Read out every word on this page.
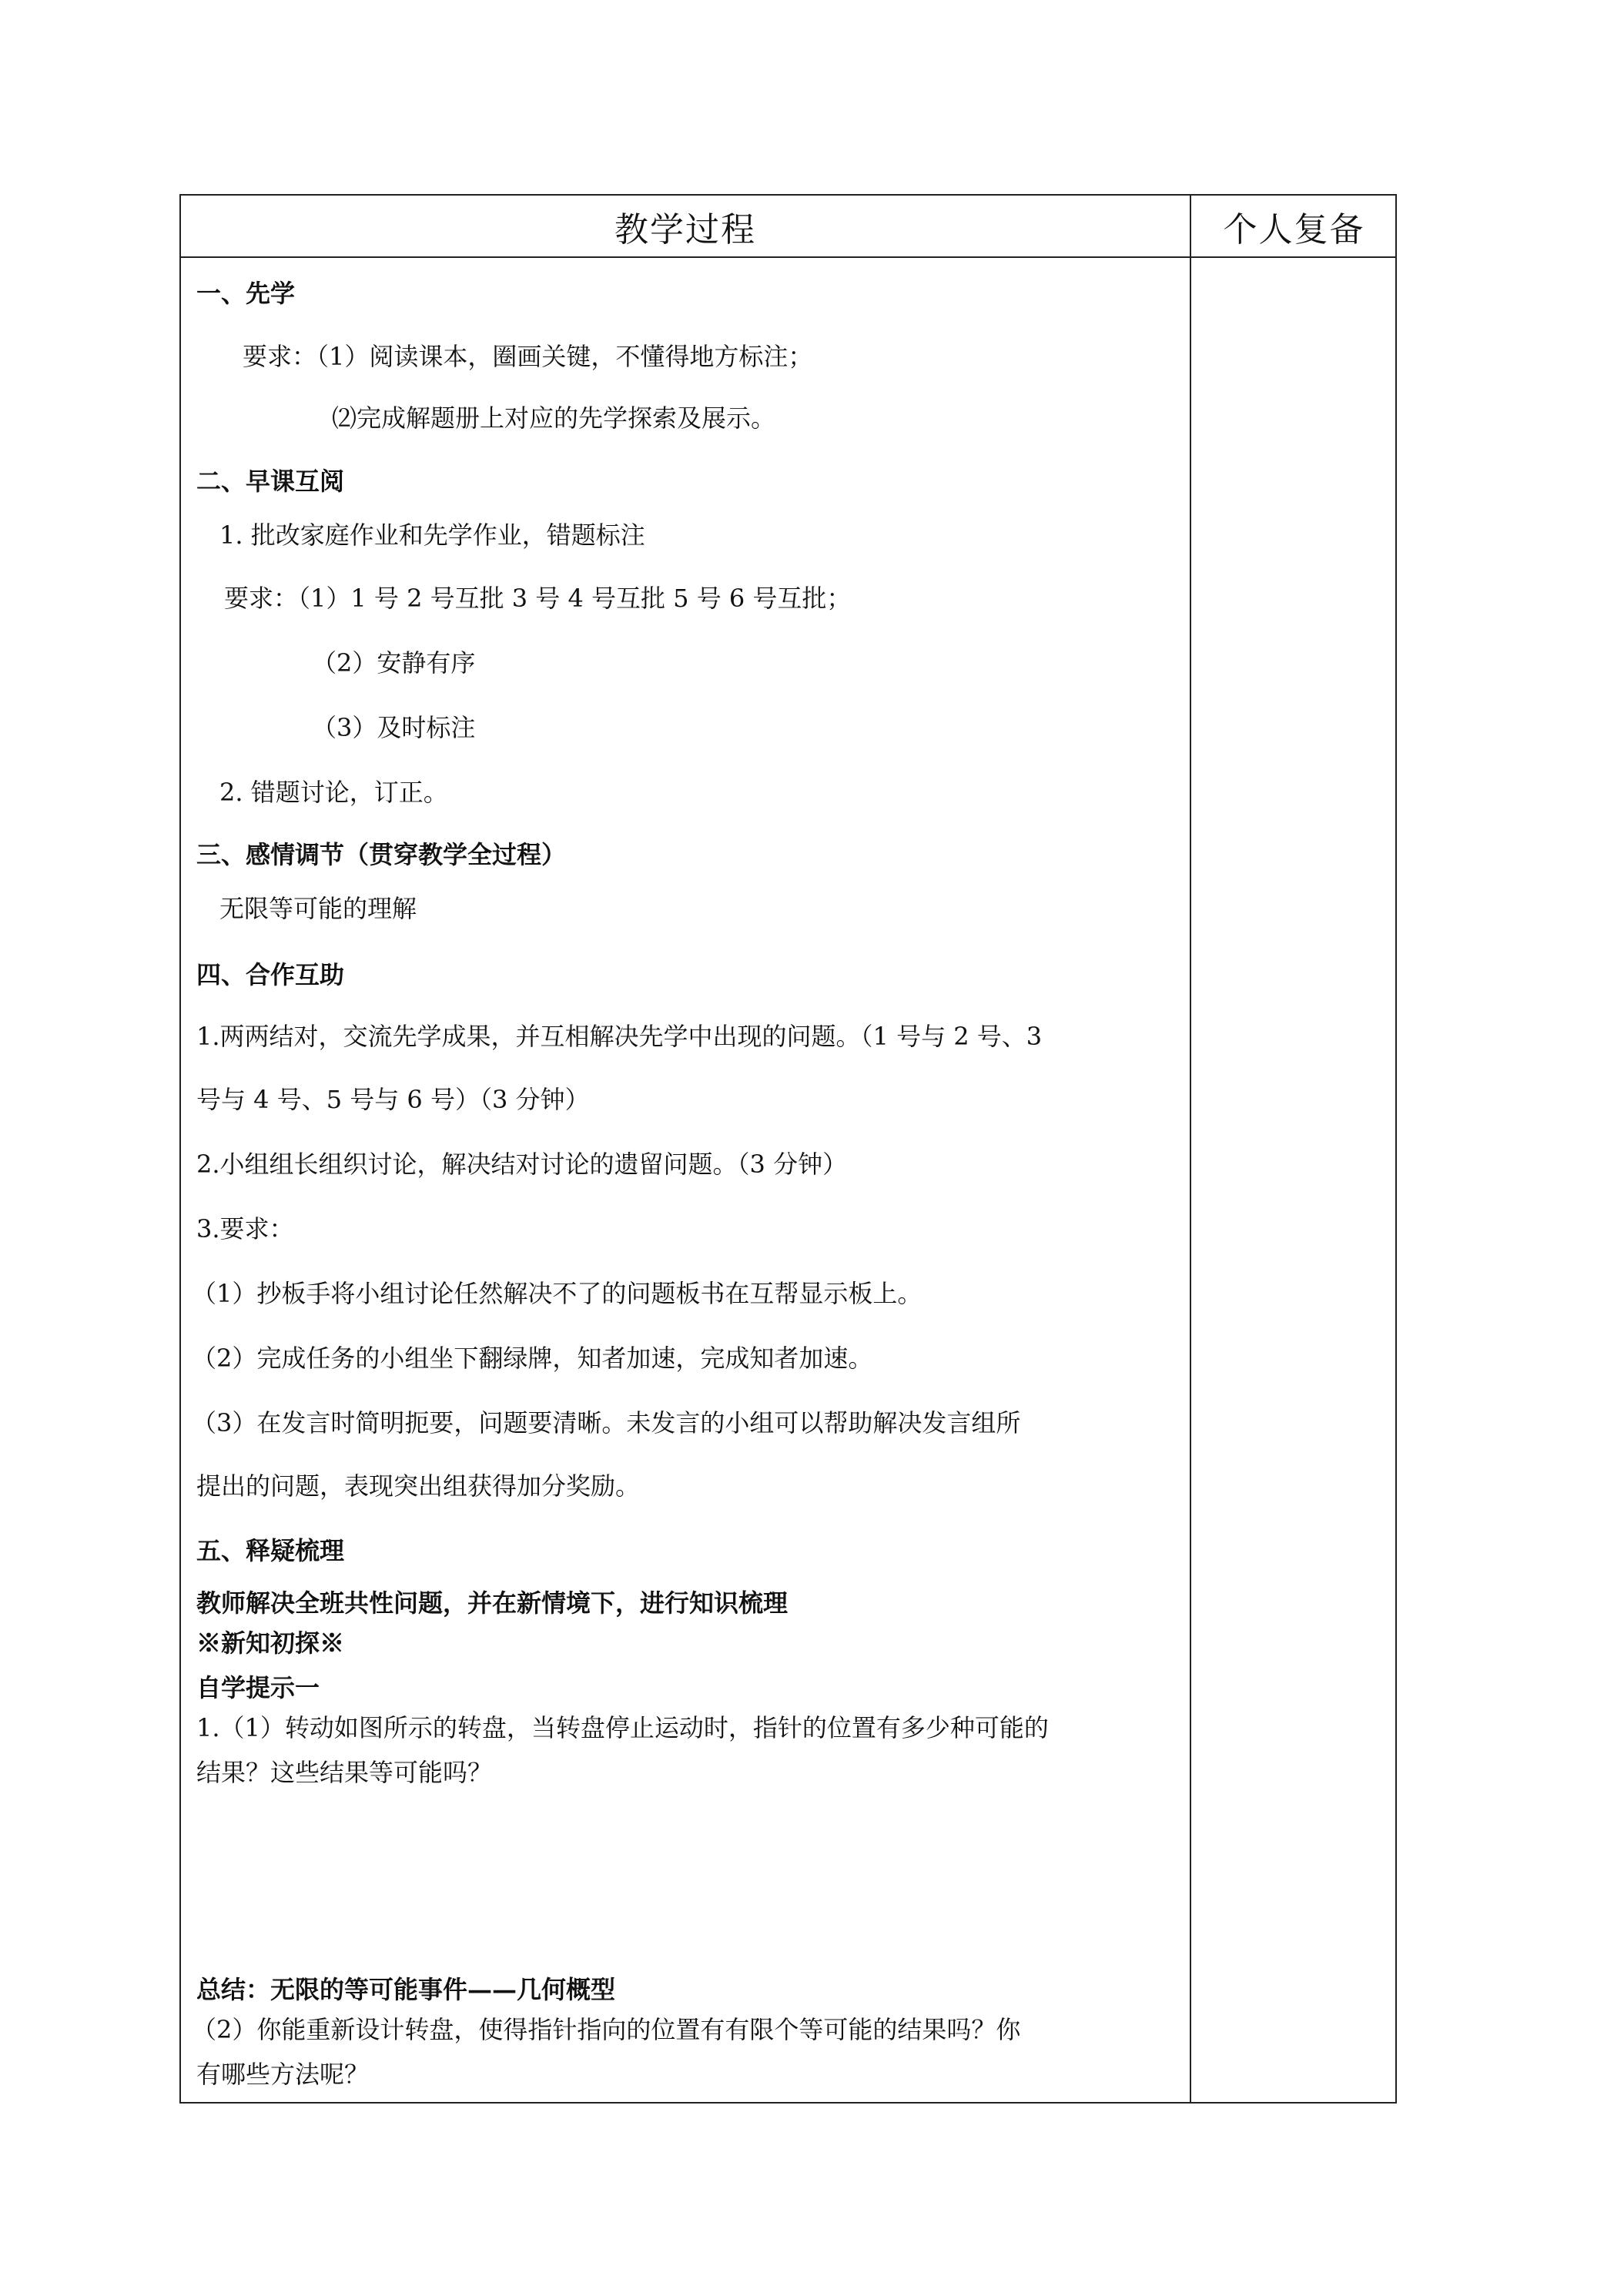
教学过程	个人复备
一、先学
要求：（1）阅读课本，圈画关键，不懂得地方标注；
⑵完成解题册上对应的先学探索及展示。
二、早课互阅
1. 批改家庭作业和先学作业，错题标注
要求：（1）1 号 2 号互批 3 号 4 号互批 5 号 6 号互批；
（2）安静有序
（3）及时标注
2. 错题讨论，订正。
三、感情调节（贯穿教学全过程）
无限等可能的理解
四、合作互助
1.两两结对，交流先学成果，并互相解决先学中出现的问题。（1 号与 2 号、3
号与 4 号、5 号与 6 号）（3 分钟）
2.小组组长组织讨论，解决结对讨论的遗留问题。（3 分钟）
3.要求：
（1）抄板手将小组讨论任然解决不了的问题板书在互帮显示板上。
（2）完成任务的小组坐下翻绿牌，知者加速，完成知者加速。
（3）在发言时简明扼要，问题要清晰。未发言的小组可以帮助解决发言组所
提出的问题，表现突出组获得加分奖励。
五、释疑梳理
教师解决全班共性问题，并在新情境下，进行知识梳理
※新知初探※
自学提示一
1.（1）转动如图所示的转盘，当转盘停止运动时，指针的位置有多少种可能的
结果？这些结果等可能吗？
总结：无限的等可能事件——几何概型
（2）你能重新设计转盘，使得指针指向的位置有有限个等可能的结果吗？你
有哪些方法呢？
